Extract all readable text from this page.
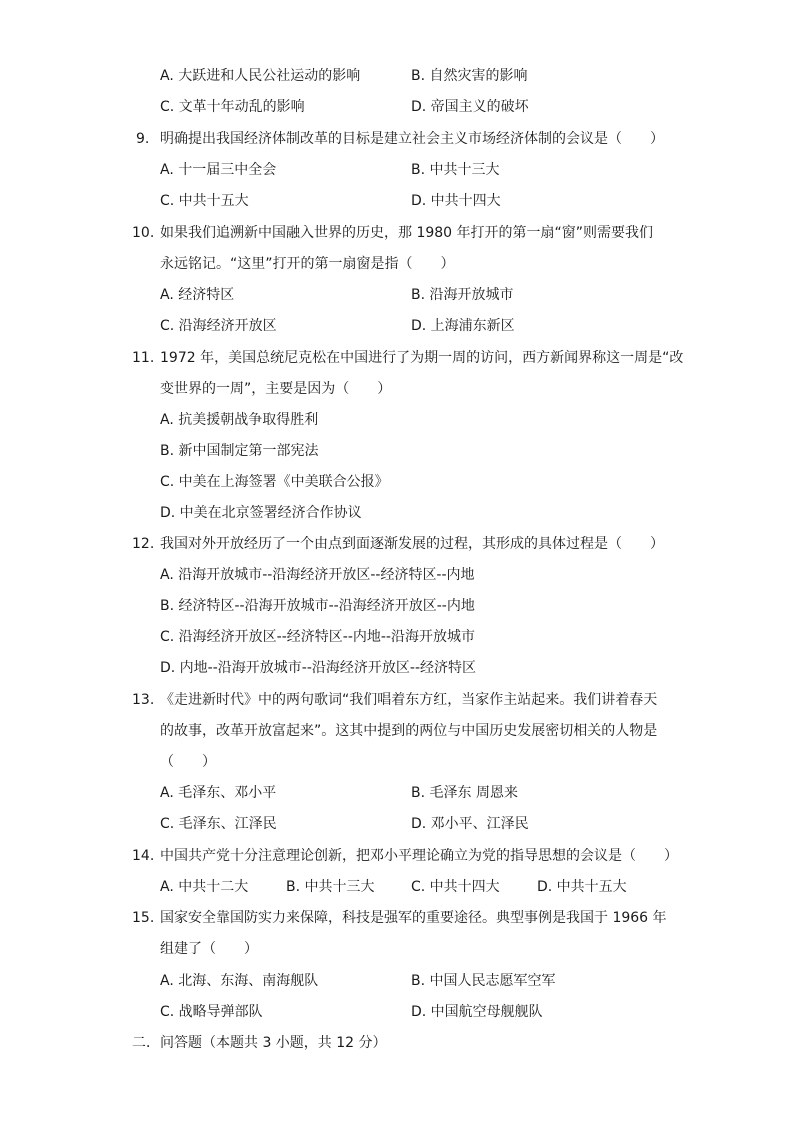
A. 大跃进和人民公社运动的影响	B. 自然灾害的影响
C. 文革十年动乱的影响	D. 帝国主义的破坏
9. 明确提出我国经济体制改革的目标是建立社会主义市场经济体制的会议是（　　）
A. 十一届三中全会	B. 中共十三大
C. 中共十五大	D. 中共十四大
10. 如果我们追溯新中国融入世界的历史，那 1980 年打开的第一扇“窗”则需要我们
永远铭记。“这里”打开的第一扇窗是指（　　）
A. 经济特区	B. 沿海开放城市
C. 沿海经济开放区	D. 上海浦东新区
11. 1972 年，美国总统尼克松在中国进行了为期一周的访问，西方新闻界称这一周是“改
变世界的一周”，主要是因为（　　）
A. 抗美援朝战争取得胜利
B. 新中国制定第一部宪法
C. 中美在上海签署《中美联合公报》
D. 中美在北京签署经济合作协议
12. 我国对外开放经历了一个由点到面逐渐发展的过程，其形成的具体过程是（　　）
A. 沿海开放城市--沿海经济开放区--经济特区--内地
B. 经济特区--沿海开放城市--沿海经济开放区--内地
C. 沿海经济开放区--经济特区--内地--沿海开放城市
D. 内地--沿海开放城市--沿海经济开放区--经济特区
13. 《走进新时代》中的两句歌词“我们唱着东方红，当家作主站起来。我们讲着春天
的故事，改革开放富起来”。这其中提到的两位与中国历史发展密切相关的人物是
（　　）
A. 毛泽东、邓小平	B. 毛泽东 周恩来
C. 毛泽东、江泽民	D. 邓小平、江泽民
14. 中国共产党十分注意理论创新，把邓小平理论确立为党的指导思想的会议是（　　）
A. 中共十二大	B. 中共十三大	C. 中共十四大	D. 中共十五大
15. 国家安全靠国防实力来保障，科技是强军的重要途径。典型事例是我国于 1966 年
组建了（　　）
A. 北海、东海、南海舰队	B. 中国人民志愿军空军
C. 战略导弹部队	D. 中国航空母舰舰队
二．问答题（本题共 3 小题，共 12 分）
